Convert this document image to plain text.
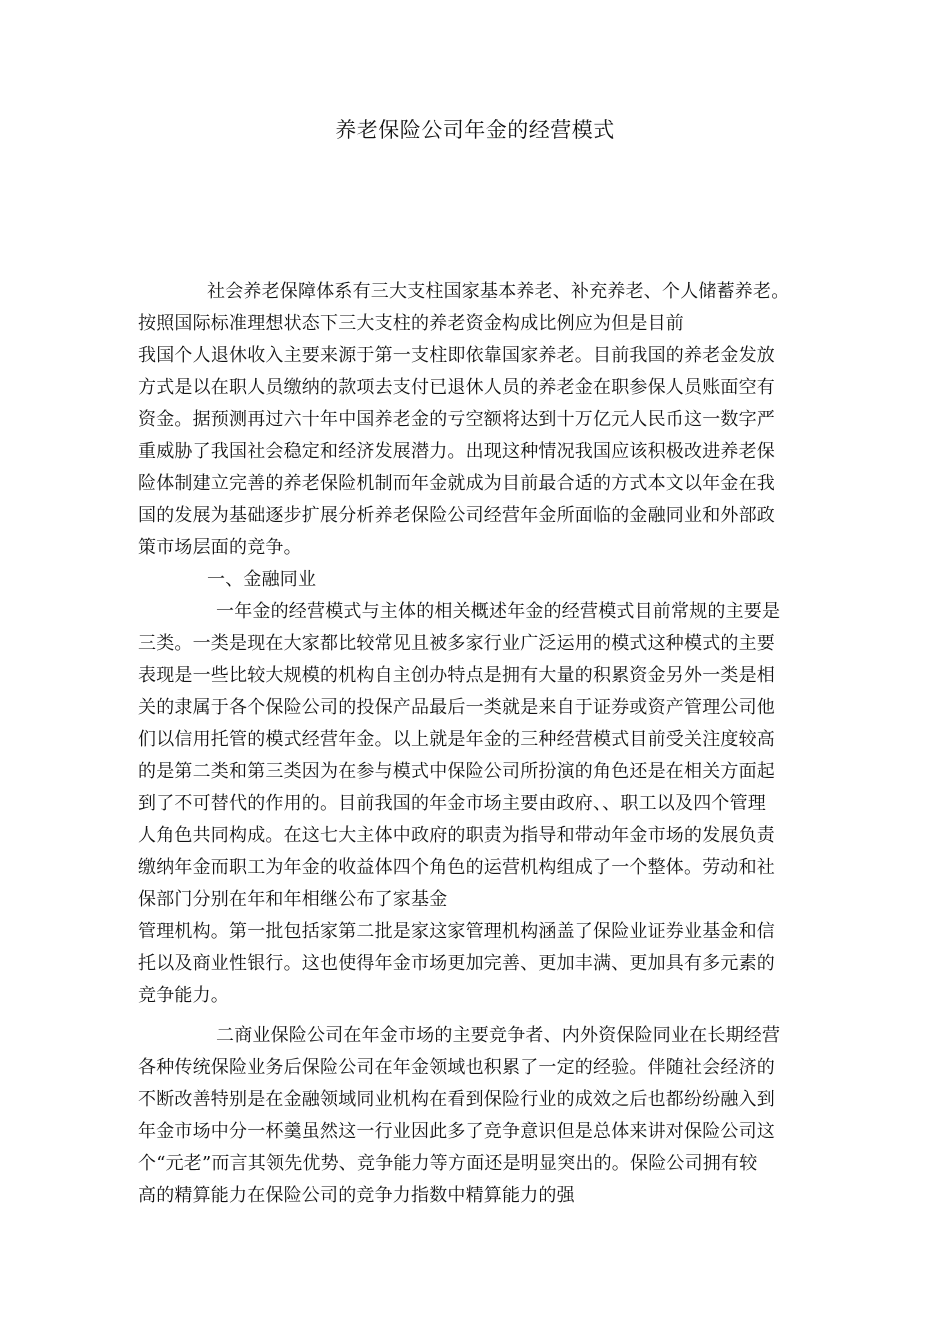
养老保险公司年金的经营模式
社会养老保障体系有三大支柱国家基本养老、补充养老、个人储蓄养老。
按照国际标准理想状态下三大支柱的养老资金构成比例应为但是目前
我国个人退休收入主要来源于第一支柱即依靠国家养老。目前我国的养老金发放
方式是以在职人员缴纳的款项去支付已退休人员的养老金在职参保人员账面空有
资金。据预测再过六十年中国养老金的亏空额将达到十万亿元人民币这一数字严
重威胁了我国社会稳定和经济发展潜力。出现这种情况我国应该积极改进养老保
险体制建立完善的养老保险机制而年金就成为目前最合适的方式本文以年金在我
国的发展为基础逐步扩展分析养老保险公司经营年金所面临的金融同业和外部政
策市场层面的竞争。
一、金融同业
一年金的经营模式与主体的相关概述年金的经营模式目前常规的主要是
三类。一类是现在大家都比较常见且被多家行业广泛运用的模式这种模式的主要
表现是一些比较大规模的机构自主创办特点是拥有大量的积累资金另外一类是相
关的隶属于各个保险公司的投保产品最后一类就是来自于证券或资产管理公司他
们以信用托管的模式经营年金。以上就是年金的三种经营模式目前受关注度较高
的是第二类和第三类因为在参与模式中保险公司所扮演的角色还是在相关方面起
到了不可替代的作用的。目前我国的年金市场主要由政府、、职工以及四个管理
人角色共同构成。在这七大主体中政府的职责为指导和带动年金市场的发展负责
缴纳年金而职工为年金的收益体四个角色的运营机构组成了一个整体。劳动和社
保部门分别在年和年相继公布了家基金
管理机构。第一批包括家第二批是家这家管理机构涵盖了保险业证券业基金和信
托以及商业性银行。这也使得年金市场更加完善、更加丰满、更加具有多元素的
竞争能力。
二商业保险公司在年金市场的主要竞争者、内外资保险同业在长期经营
各种传统保险业务后保险公司在年金领域也积累了一定的经验。伴随社会经济的
不断改善特别是在金融领域同业机构在看到保险行业的成效之后也都纷纷融入到
年金市场中分一杯羹虽然这一行业因此多了竞争意识但是总体来讲对保险公司这
个“元老”而言其领先优势、竞争能力等方面还是明显突出的。保险公司拥有较
高的精算能力在保险公司的竞争力指数中精算能力的强
